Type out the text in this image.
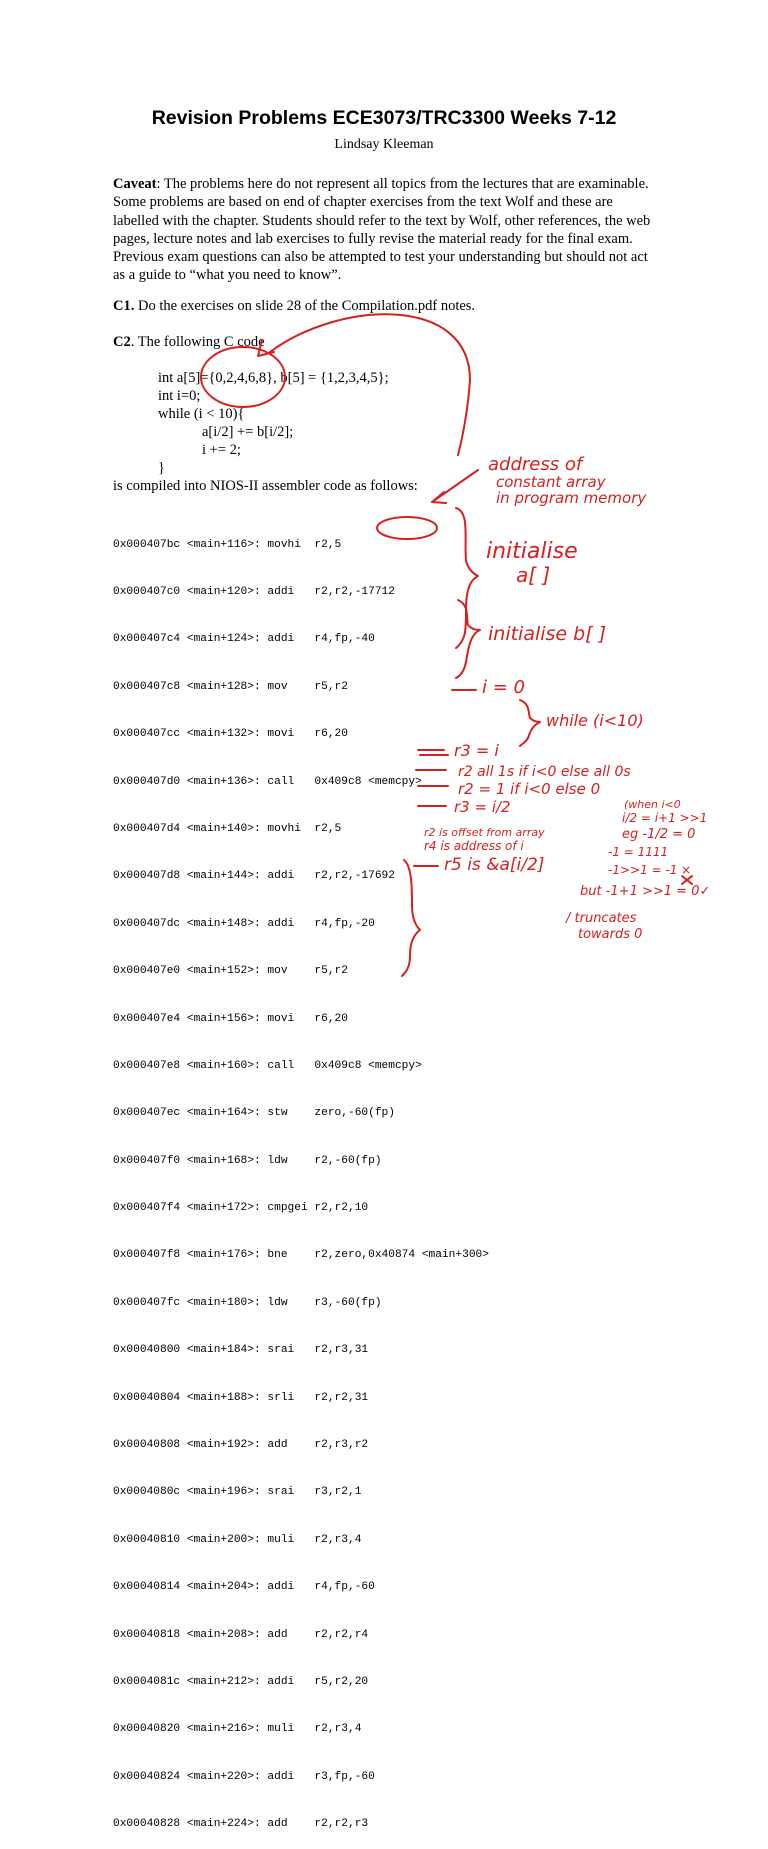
Revision Problems ECE3073/TRC3300 Weeks 7-12
Lindsay Kleeman
Caveat: The problems here do not represent all topics from the lectures that are examinable. Some problems are based on end of chapter exercises from the text Wolf and these are labelled with the chapter. Students should refer to the text by Wolf, other references, the web pages, lecture notes and lab exercises to fully revise the material ready for the final exam. Previous exam questions can also be attempted to test your understanding but should not act as a guide to “what you need to know”.
C1. Do the exercises on slide 28 of the Compilation.pdf notes.
C2. The following C code
int a[5]={0,2,4,6,8}, b[5] = {1,2,3,4,5};
int i=0;
while (i < 10){
a[i/2] += b[i/2];
i += 2;
}
is compiled into NIOS-II assembler code as follows:

0x000407bc <main+116>: movhi  r2,5

0x000407c0 <main+120>: addi   r2,r2,-17712

0x000407c4 <main+124>: addi   r4,fp,-40

0x000407c8 <main+128>: mov    r5,r2

0x000407cc <main+132>: movi   r6,20

0x000407d0 <main+136>: call   0x409c8 <memcpy>

0x000407d4 <main+140>: movhi  r2,5

0x000407d8 <main+144>: addi   r2,r2,-17692

0x000407dc <main+148>: addi   r4,fp,-20

0x000407e0 <main+152>: mov    r5,r2

0x000407e4 <main+156>: movi   r6,20

0x000407e8 <main+160>: call   0x409c8 <memcpy>

0x000407ec <main+164>: stw    zero,-60(fp)

0x000407f0 <main+168>: ldw    r2,-60(fp)

0x000407f4 <main+172>: cmpgei r2,r2,10

0x000407f8 <main+176>: bne    r2,zero,0x40874 <main+300>

0x000407fc <main+180>: ldw    r3,-60(fp)

0x00040800 <main+184>: srai   r2,r3,31

0x00040804 <main+188>: srli   r2,r2,31

0x00040808 <main+192>: add    r2,r3,r2

0x0004080c <main+196>: srai   r3,r2,1

0x00040810 <main+200>: muli   r2,r3,4

0x00040814 <main+204>: addi   r4,fp,-60

0x00040818 <main+208>: add    r2,r2,r4

0x0004081c <main+212>: addi   r5,r2,20

0x00040820 <main+216>: muli   r2,r3,4

0x00040824 <main+220>: addi   r3,fp,-60

0x00040828 <main+224>: add    r2,r2,r3

address of
constant array
in program memory
initialise
a[ ]
initialise b[ ]
i = 0
while (i<10)
r3 = i
r2 all 1s if i<0 else all 0s
r2 = 1 if i<0 else 0
r3 = i/2	(when i<0
i/2 = i+1 >>1
eg -1/2 = 0
r2 is offset from array
r4 is address of i
r5 is &a[i/2]
-1 = 1111
-1>>1 = -1 ×
but -1+1 >>1 = 0✓
/ truncates
towards 0
